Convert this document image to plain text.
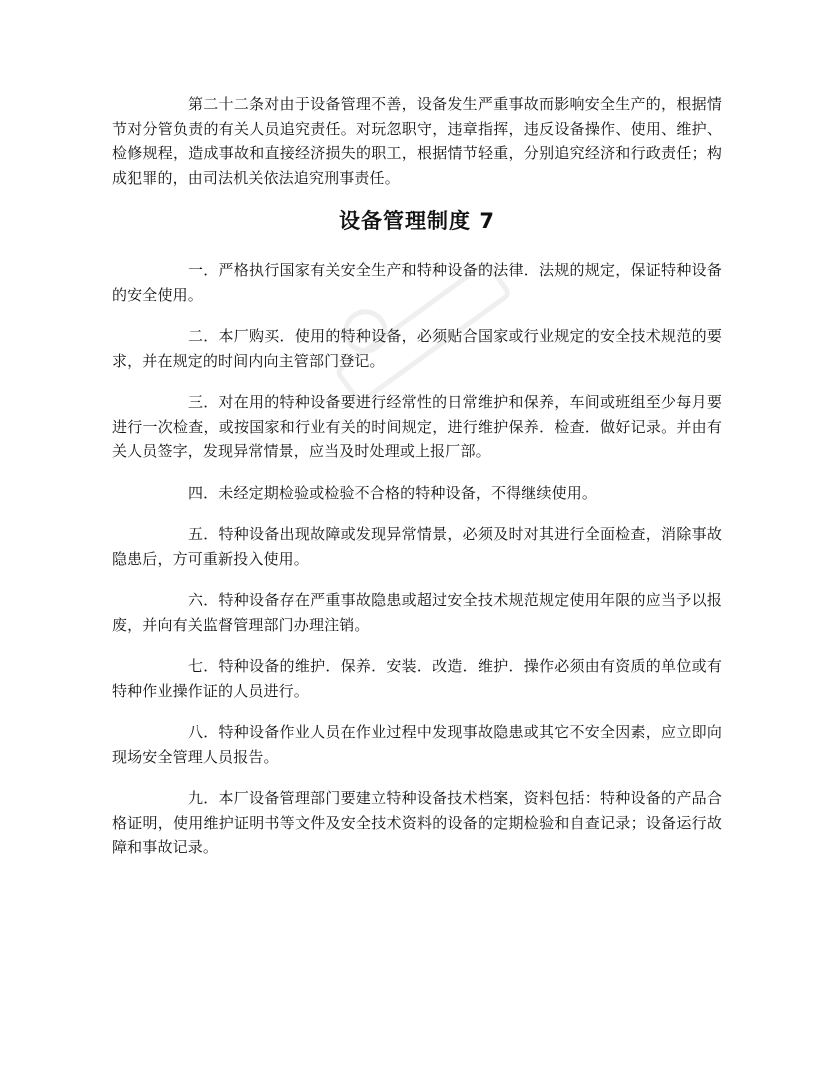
第二十二条对由于设备管理不善，设备发生严重事故而影响安全生产的，根据情节对分管负责的有关人员追究责任。对玩忽职守，违章指挥，违反设备操作、使用、维护、检修规程，造成事故和直接经济损失的职工，根据情节轻重，分别追究经济和行政责任；构成犯罪的，由司法机关依法追究刑事责任。

设备管理制度 7

一．严格执行国家有关安全生产和特种设备的法律．法规的规定，保证特种设备的安全使用。

二．本厂购买．使用的特种设备，必须贴合国家或行业规定的安全技术规范的要求，并在规定的时间内向主管部门登记。

三．对在用的特种设备要进行经常性的日常维护和保养，车间或班组至少每月要进行一次检查，或按国家和行业有关的时间规定，进行维护保养．检查．做好记录。并由有关人员签字，发现异常情景，应当及时处理或上报厂部。

四．未经定期检验或检验不合格的特种设备，不得继续使用。

五．特种设备出现故障或发现异常情景，必须及时对其进行全面检查，消除事故隐患后，方可重新投入使用。

六．特种设备存在严重事故隐患或超过安全技术规范规定使用年限的应当予以报废，并向有关监督管理部门办理注销。

七．特种设备的维护．保养．安装．改造．维护．操作必须由有资质的单位或有特种作业操作证的人员进行。

八．特种设备作业人员在作业过程中发现事故隐患或其它不安全因素，应立即向现场安全管理人员报告。

九．本厂设备管理部门要建立特种设备技术档案，资料包括：特种设备的产品合格证明，使用维护证明书等文件及安全技术资料的设备的定期检验和自查记录；设备运行故障和事故记录。
